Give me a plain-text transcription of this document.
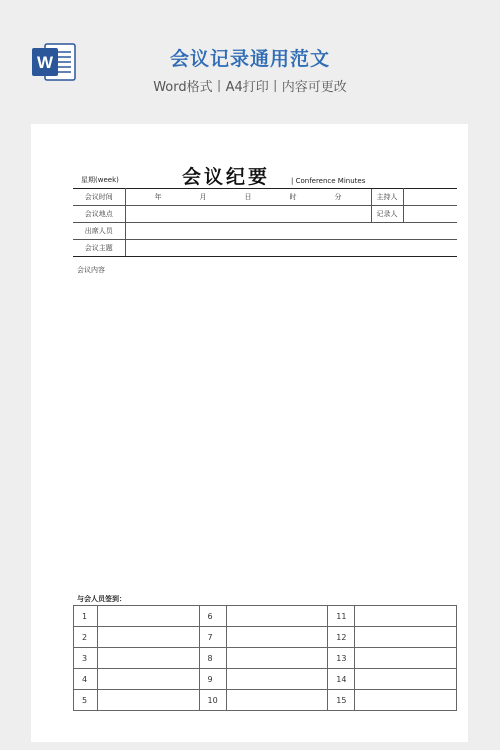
W	会议记录通用范文
Word格式丨A4打印丨内容可更改
星期(week)	会议纪要	| Conference Minutes
会议时间	年 月 日 时 分	主持人	
会议地点		记录人	
出席人员			
会议主题			
会议内容
与会人员签到：
1		6		11	
2		7		12	
3		8		13	
4		9		14	
5		10		15	
